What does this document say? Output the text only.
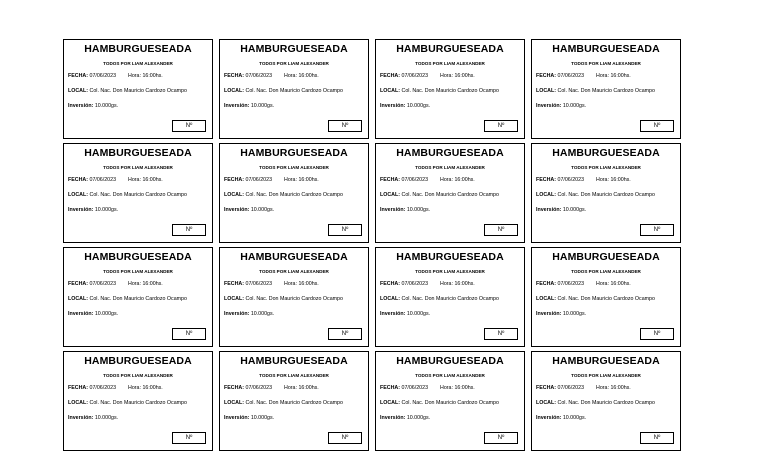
HAMBURGUESEADA
TODOS POR LIAM ALEXANDER
FECHA: 07/06/2023 Hora: 16:00hs.
LOCAL: Col. Nac. Don Mauricio Cardozo Ocampo
Inversión: 10.000gs.
Nº
HAMBURGUESEADA
TODOS POR LIAM ALEXANDER
FECHA: 07/06/2023 Hora: 16:00hs.
LOCAL: Col. Nac. Don Mauricio Cardozo Ocampo
Inversión: 10.000gs.
Nº
HAMBURGUESEADA
TODOS POR LIAM ALEXANDER
FECHA: 07/06/2023 Hora: 16:00hs.
LOCAL: Col. Nac. Don Mauricio Cardozo Ocampo
Inversión: 10.000gs.
Nº
HAMBURGUESEADA
TODOS POR LIAM ALEXANDER
FECHA: 07/06/2023 Hora: 16:00hs.
LOCAL: Col. Nac. Don Mauricio Cardozo Ocampo
Inversión: 10.000gs.
Nº
HAMBURGUESEADA
TODOS POR LIAM ALEXANDER
FECHA: 07/06/2023 Hora: 16:00hs.
LOCAL: Col. Nac. Don Mauricio Cardozo Ocampo
Inversión: 10.000gs.
Nº
HAMBURGUESEADA
TODOS POR LIAM ALEXANDER
FECHA: 07/06/2023 Hora: 16:00hs.
LOCAL: Col. Nac. Don Mauricio Cardozo Ocampo
Inversión: 10.000gs.
Nº
HAMBURGUESEADA
TODOS POR LIAM ALEXANDER
FECHA: 07/06/2023 Hora: 16:00hs.
LOCAL: Col. Nac. Don Mauricio Cardozo Ocampo
Inversión: 10.000gs.
Nº
HAMBURGUESEADA
TODOS POR LIAM ALEXANDER
FECHA: 07/06/2023 Hora: 16:00hs.
LOCAL: Col. Nac. Don Mauricio Cardozo Ocampo
Inversión: 10.000gs.
Nº
HAMBURGUESEADA
TODOS POR LIAM ALEXANDER
FECHA: 07/06/2023 Hora: 16:00hs.
LOCAL: Col. Nac. Don Mauricio Cardozo Ocampo
Inversión: 10.000gs.
Nº
HAMBURGUESEADA
TODOS POR LIAM ALEXANDER
FECHA: 07/06/2023 Hora: 16:00hs.
LOCAL: Col. Nac. Don Mauricio Cardozo Ocampo
Inversión: 10.000gs.
Nº
HAMBURGUESEADA
TODOS POR LIAM ALEXANDER
FECHA: 07/06/2023 Hora: 16:00hs.
LOCAL: Col. Nac. Don Mauricio Cardozo Ocampo
Inversión: 10.000gs.
Nº
HAMBURGUESEADA
TODOS POR LIAM ALEXANDER
FECHA: 07/06/2023 Hora: 16:00hs.
LOCAL: Col. Nac. Don Mauricio Cardozo Ocampo
Inversión: 10.000gs.
Nº
HAMBURGUESEADA
TODOS POR LIAM ALEXANDER
FECHA: 07/06/2023 Hora: 16:00hs.
LOCAL: Col. Nac. Don Mauricio Cardozo Ocampo
Inversión: 10.000gs.
Nº
HAMBURGUESEADA
TODOS POR LIAM ALEXANDER
FECHA: 07/06/2023 Hora: 16:00hs.
LOCAL: Col. Nac. Don Mauricio Cardozo Ocampo
Inversión: 10.000gs.
Nº
HAMBURGUESEADA
TODOS POR LIAM ALEXANDER
FECHA: 07/06/2023 Hora: 16:00hs.
LOCAL: Col. Nac. Don Mauricio Cardozo Ocampo
Inversión: 10.000gs.
Nº
HAMBURGUESEADA
TODOS POR LIAM ALEXANDER
FECHA: 07/06/2023 Hora: 16:00hs.
LOCAL: Col. Nac. Don Mauricio Cardozo Ocampo
Inversión: 10.000gs.
Nº
